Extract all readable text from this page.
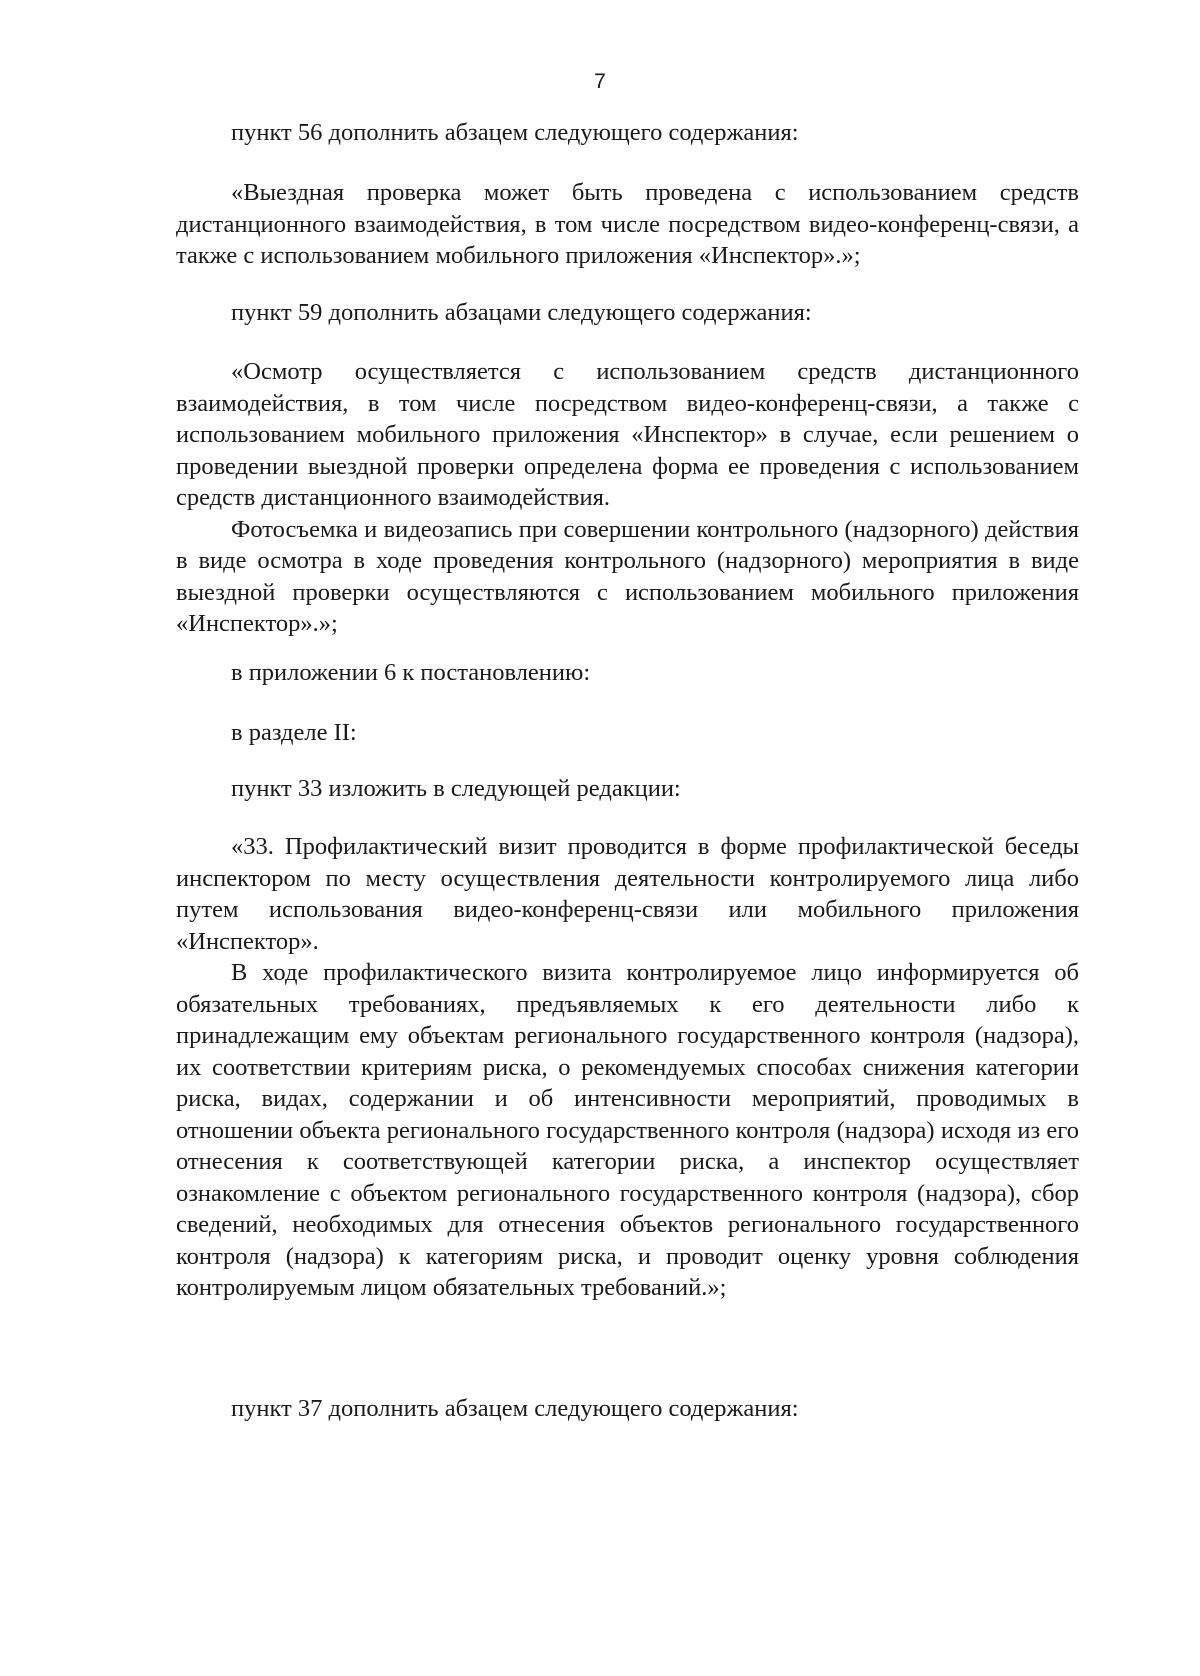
7
пункт 56 дополнить абзацем следующего содержания:

«Выездная проверка может быть проведена с использованием средств дистанционного взаимодействия, в том числе посредством видео-конференц-связи, а также с использованием мобильного приложения «Инспектор».»;

пункт 59 дополнить абзацами следующего содержания:

«Осмотр осуществляется с использованием средств дистанционного взаимодействия, в том числе посредством видео-конференц-связи, а также с использованием мобильного приложения «Инспектор» в случае, если решением о проведении выездной проверки определена форма ее проведения с использованием средств дистанционного взаимодействия.

Фотосъемка и видеозапись при совершении контрольного (надзорного) действия в виде осмотра в ходе проведения контрольного (надзорного) мероприятия в виде выездной проверки осуществляются с использованием мобильного приложения «Инспектор».»;

в приложении 6 к постановлению:
в разделе II:
пункт 33 изложить в следующей редакции:

«33. Профилактический визит проводится в форме профилактической беседы инспектором по месту осуществления деятельности контролируемого лица либо путем использования видео-конференц-связи или мобильного приложения «Инспектор».

В ходе профилактического визита контролируемое лицо информируется об обязательных требованиях, предъявляемых к его деятельности либо к принадлежащим ему объектам регионального государственного контроля (надзора), их соответствии критериям риска, о рекомендуемых способах снижения категории риска, видах, содержании и об интенсивности мероприятий, проводимых в отношении объекта регионального государственного контроля (надзора) исходя из его отнесения к соответствующей категории риска, а инспектор осуществляет ознакомление с объектом регионального государственного контроля (надзора), сбор сведений, необходимых для отнесения объектов регионального государственного контроля (надзора) к категориям риска, и проводит оценку уровня соблюдения контролируемым лицом обязательных требований.»;

пункт 37 дополнить абзацем следующего содержания:
